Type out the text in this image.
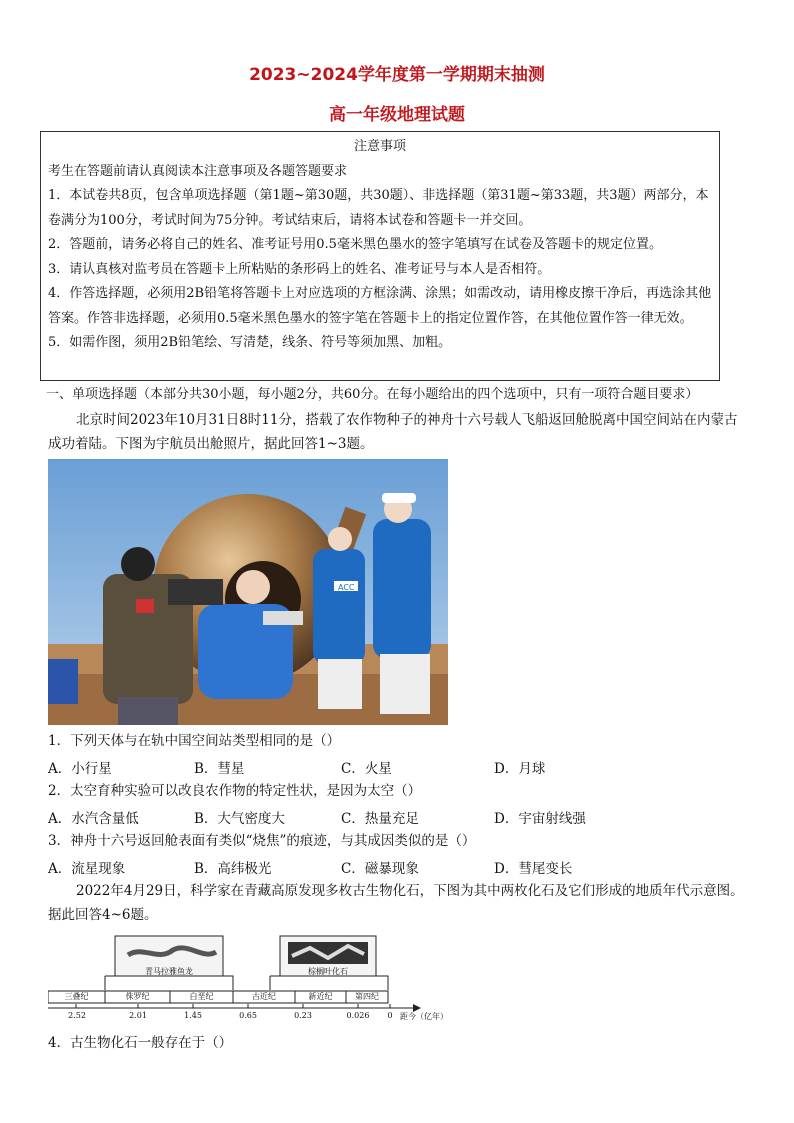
2023~2024学年度第一学期期末抽测
高一年级地理试题

注意事项

考生在答题前请认真阅读本注意事项及各题答题要求

1．本试卷共8页，包含单项选择题（第1题~第30题，共30题）、非选择题（第31题~第33题，共3题）两部分，本卷满分为100分，考试时间为75分钟。考试结束后，请将本试卷和答题卡一并交回。

2．答题前，请务必将自己的姓名、准考证号用0.5毫米黑色墨水的签字笔填写在试卷及答题卡的规定位置。

3．请认真核对监考员在答题卡上所粘贴的条形码上的姓名、准考证号与本人是否相符。

4．作答选择题，必须用2B铅笔将答题卡上对应选项的方框涂满、涂黑；如需改动，请用橡皮擦干净后，再选涂其他答案。作答非选择题，必须用0.5毫米黑色墨水的签字笔在答题卡上的指定位置作答，在其他位置作答一律无效。

5．如需作图，须用2B铅笔绘、写清楚，线条、符号等须加黑、加粗。

一、单项选择题（本部分共30小题，每小题2分，共60分。在每小题给出的四个选项中，只有一项符合题目要求）
北京时间2023年10月31日8时11分，搭载了农作物种子的神舟十六号载人飞船返回舱脱离中国空间站在内蒙古成功着陆。下图为宇航员出舱照片，据此回答1~3题。
ACC
1．下列天体与在轨中国空间站类型相同的是（）
A．小行星	B．彗星	C．火星	D．月球
2．太空育种实验可以改良农作物的特定性状，是因为太空（）
A．水汽含量低	B．大气密度大	C．热量充足	D．宇宙射线强
3．神舟十六号返回舱表面有类似“烧焦”的痕迹，与其成因类似的是（）
A．流星现象	B．高纬极光	C．磁暴现象	D．彗尾变长
2022年4月29日，科学家在青藏高原发现多枚古生物化石，下图为其中两枚化石及它们形成的地质年代示意图。据此回答4~6题。
青马拉雅鱼龙	棕榈叶化石
三叠纪	侏罗纪	白垩纪	古近纪	新近纪	第四纪
2.52	2.01	1.45	0.65	0.23	0.026	0 距今（亿年）
4．古生物化石一般存在于（）
